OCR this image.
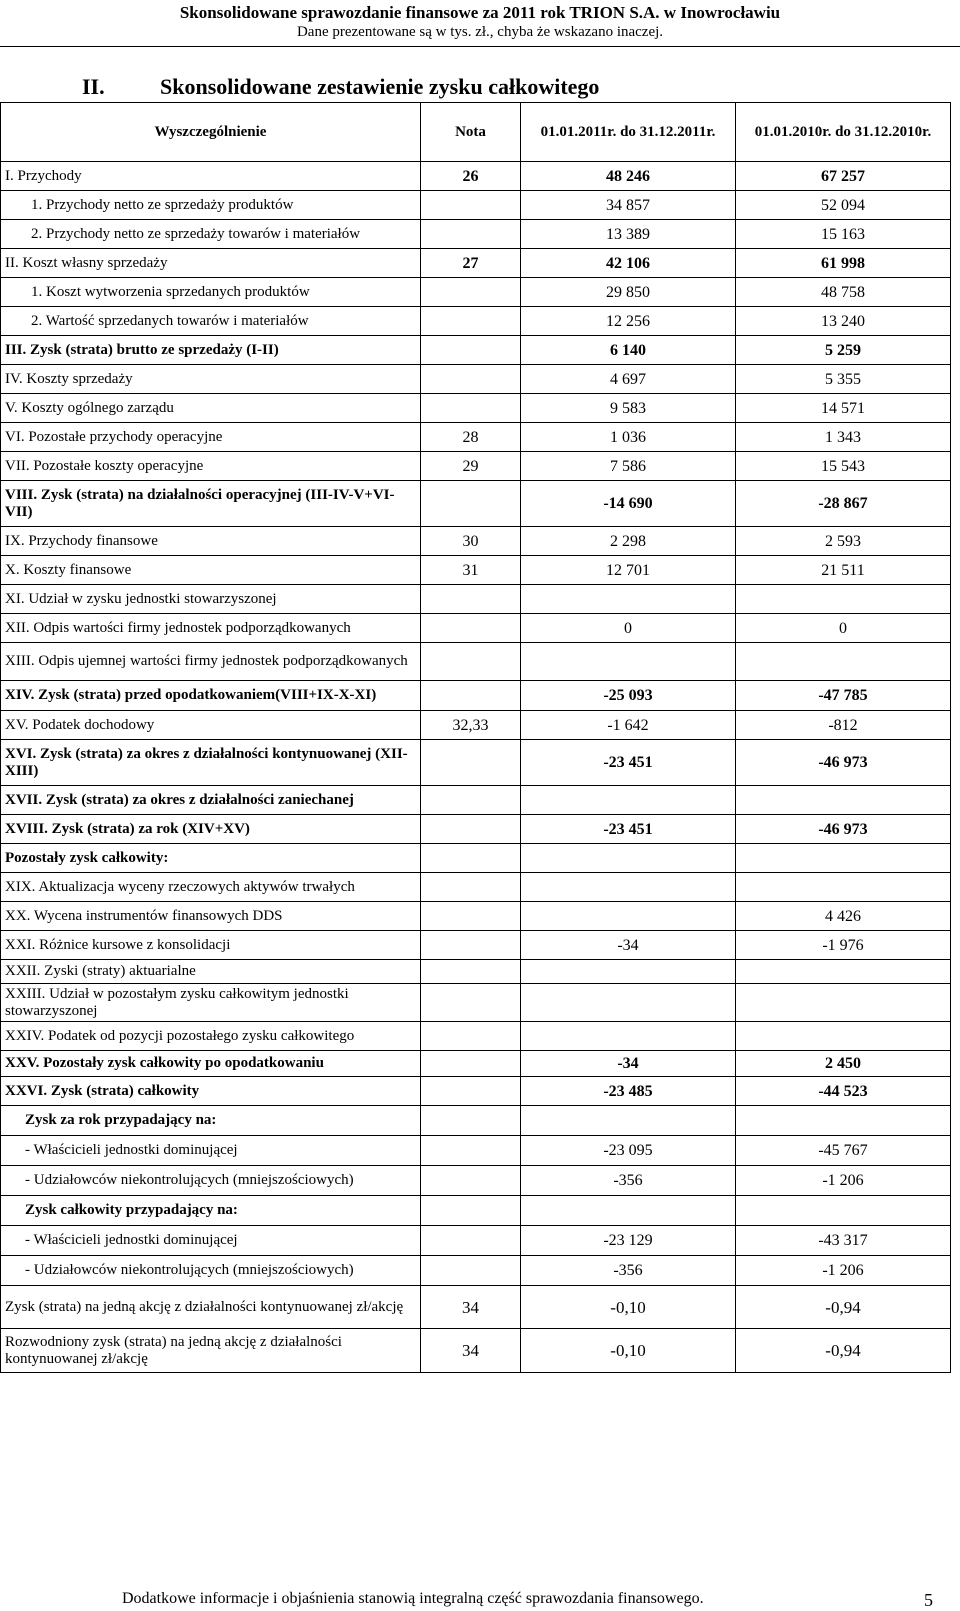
Skonsolidowane sprawozdanie finansowe za 2011 rok TRION S.A. w Inowrocławiu
Dane prezentowane są w tys. zł., chyba że wskazano inaczej.
II.	Skonsolidowane zestawienie zysku całkowitego
Wyszczególnienie	Nota	01.01.2011r. do 31.12.2011r.	01.01.2010r. do 31.12.2010r.
I. Przychody	26	48 246	67 257
1. Przychody netto ze sprzedaży produktów		34 857	52 094
2. Przychody netto ze sprzedaży towarów i materiałów		13 389	15 163
II. Koszt własny sprzedaży	27	42 106	61 998
1. Koszt wytworzenia sprzedanych produktów		29 850	48 758
2. Wartość sprzedanych towarów i materiałów		12 256	13 240
III. Zysk (strata) brutto ze sprzedaży (I-II)		6 140	5 259
IV. Koszty sprzedaży		4 697	5 355
V. Koszty ogólnego zarządu		9 583	14 571
VI. Pozostałe przychody operacyjne	28	1 036	1 343
VII. Pozostałe koszty operacyjne	29	7 586	15 543
VIII. Zysk (strata) na działalności operacyjnej (III-IV-V+VI-VII)		-14 690	-28 867
IX. Przychody finansowe	30	2 298	2 593
X. Koszty finansowe	31	12 701	21 511
XI. Udział w zysku jednostki stowarzyszonej			
XII. Odpis wartości firmy jednostek podporządkowanych		0	0
XIII. Odpis ujemnej wartości firmy jednostek podporządkowanych			
XIV. Zysk (strata) przed opodatkowaniem(VIII+IX-X-XI)		-25 093	-47 785
XV. Podatek dochodowy	32,33	-1 642	-812
XVI. Zysk (strata) za okres z działalności kontynuowanej (XII-XIII)		-23 451	-46 973
XVII. Zysk (strata) za okres z działalności zaniechanej			
XVIII. Zysk (strata) za rok (XIV+XV)		-23 451	-46 973
Pozostały zysk całkowity:			
XIX. Aktualizacja wyceny rzeczowych aktywów trwałych			
XX. Wycena instrumentów finansowych DDS			4 426
XXI. Różnice kursowe z konsolidacji		-34	-1 976
XXII. Zyski (straty) aktuarialne			
XXIII. Udział w pozostałym zysku całkowitym jednostki stowarzyszonej			
XXIV. Podatek od pozycji pozostałego zysku całkowitego			
XXV. Pozostały zysk całkowity po opodatkowaniu		-34	2 450
XXVI. Zysk (strata) całkowity		-23 485	-44 523
Zysk za rok przypadający na:			
- Właścicieli jednostki dominującej		-23 095	-45 767
- Udziałowców niekontrolujących (mniejszościowych)		-356	-1 206
Zysk całkowity przypadający na:			
- Właścicieli jednostki dominującej		-23 129	-43 317
- Udziałowców niekontrolujących (mniejszościowych)		-356	-1 206
Zysk (strata) na jedną akcję z działalności kontynuowanej zł/akcję	34	-0,10	-0,94
Rozwodniony zysk (strata) na jedną akcję z działalności kontynuowanej zł/akcję	34	-0,10	-0,94
Dodatkowe informacje i objaśnienia stanowią integralną część sprawozdania finansowego.	5
